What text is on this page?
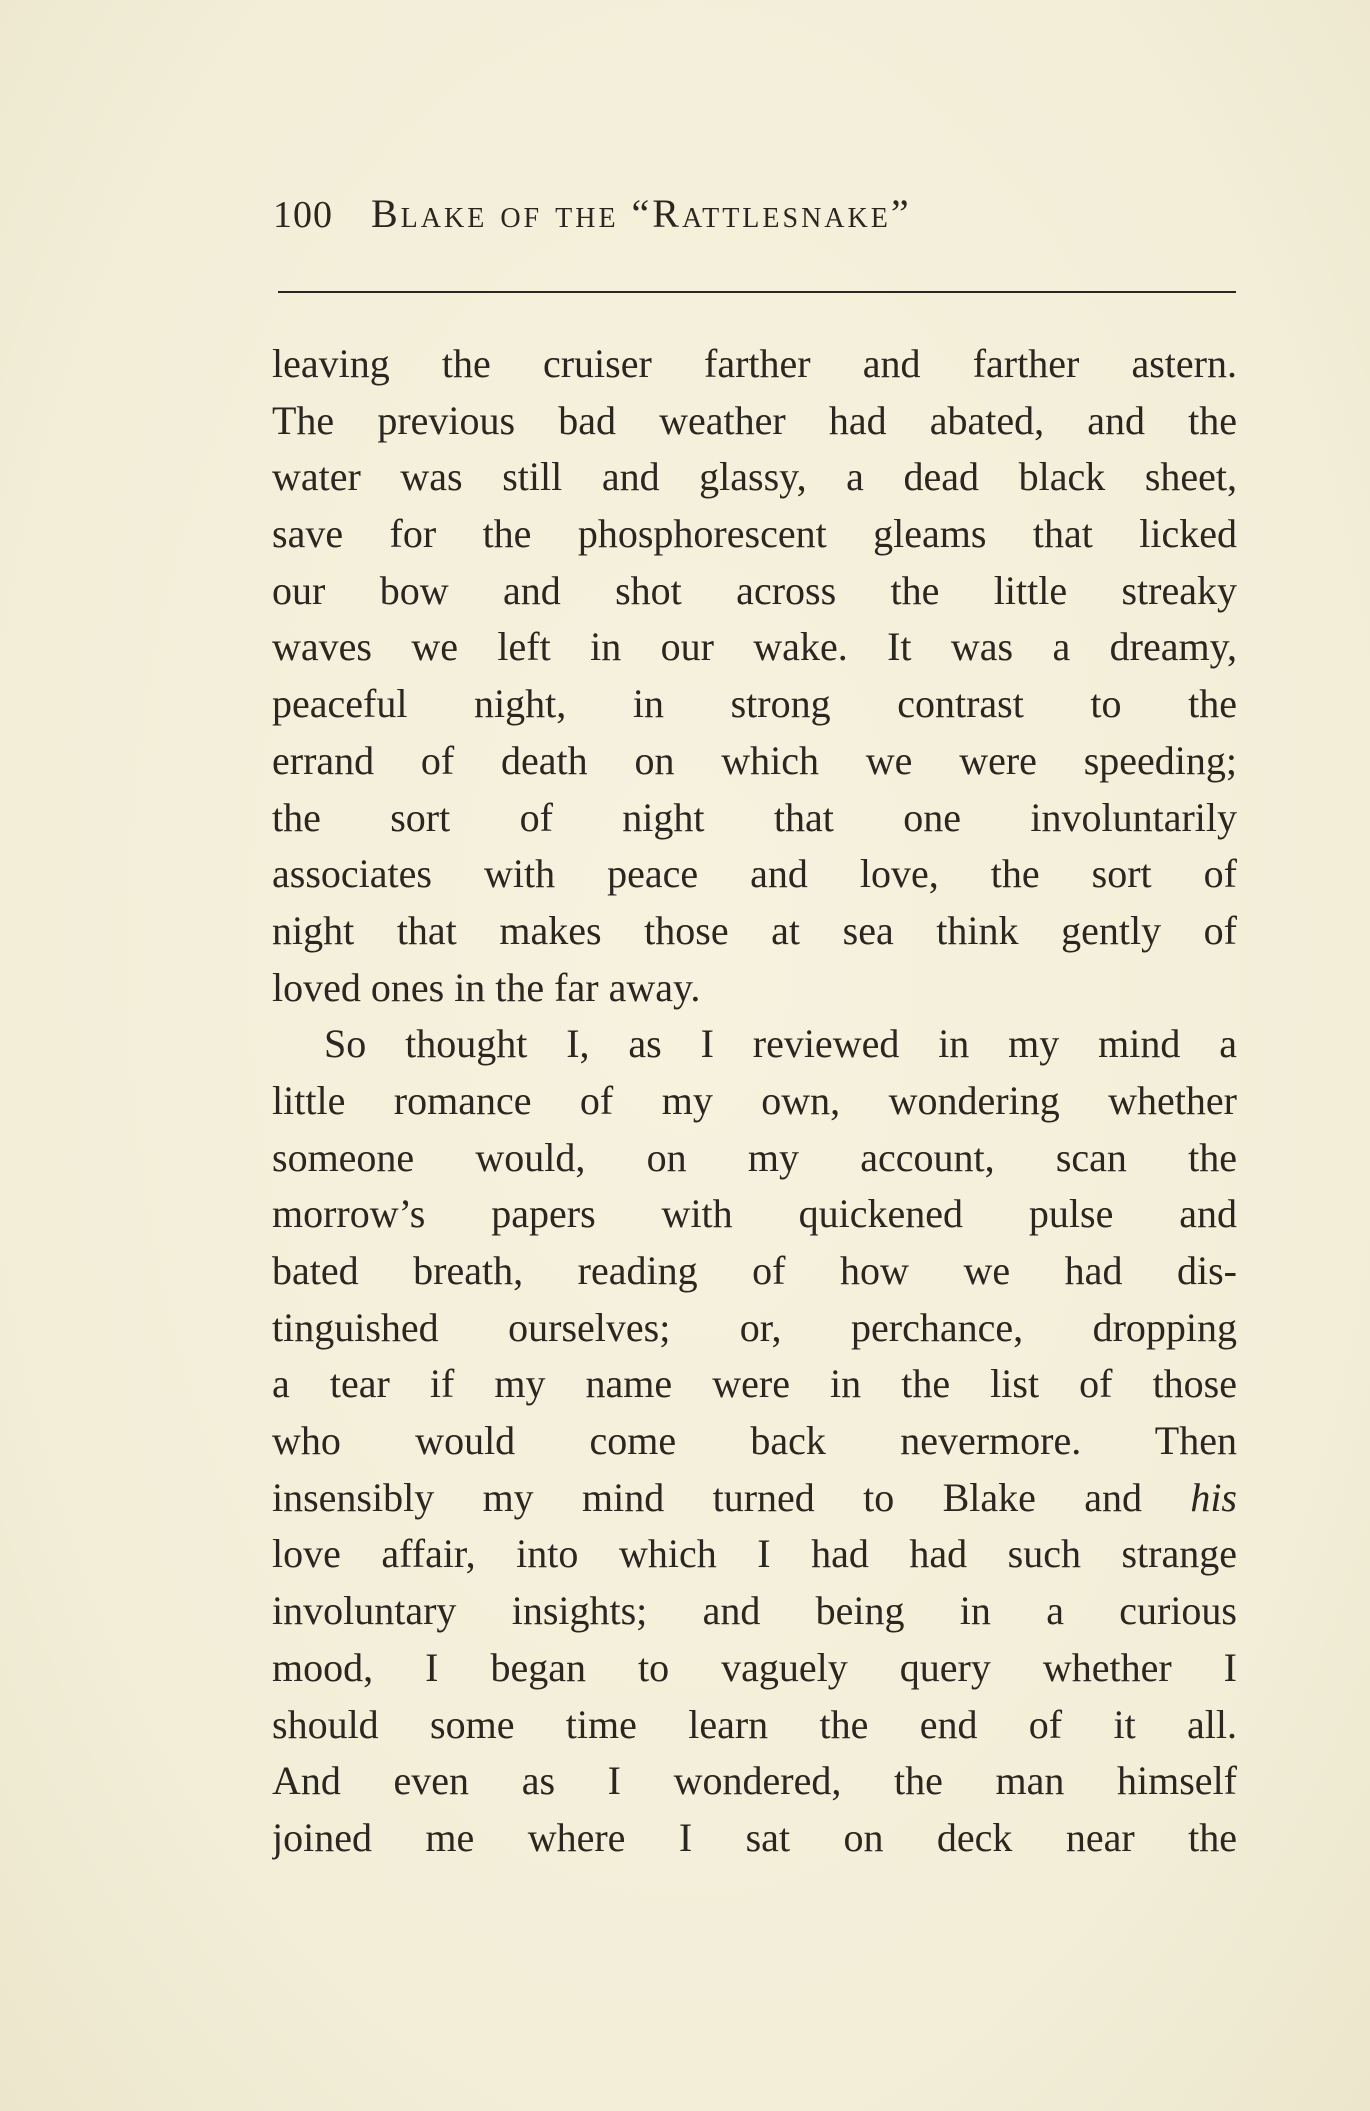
100 Blake of the “Rattlesnake”
leaving the cruiser farther and farther astern.
The previous bad weather had abated, and the
water was still and glassy, a dead black sheet,
save for the phosphorescent gleams that licked
our bow and shot across the little streaky
waves we left in our wake. It was a dreamy,
peaceful night, in strong contrast to the
errand of death on which we were speeding;
the sort of night that one involuntarily
associates with peace and love, the sort of
night that makes those at sea think gently of
loved ones in the far away.
So thought I, as I reviewed in my mind a
little romance of my own, wondering whether
someone would, on my account, scan the
morrow’s papers with quickened pulse and
bated breath, reading of how we had dis-
tinguished ourselves; or, perchance, dropping
a tear if my name were in the list of those
who would come back nevermore. Then
insensibly my mind turned to Blake and his
love affair, into which I had had such strange
involuntary insights; and being in a curious
mood, I began to vaguely query whether I
should some time learn the end of it all.
And even as I wondered, the man himself
joined me where I sat on deck near the
